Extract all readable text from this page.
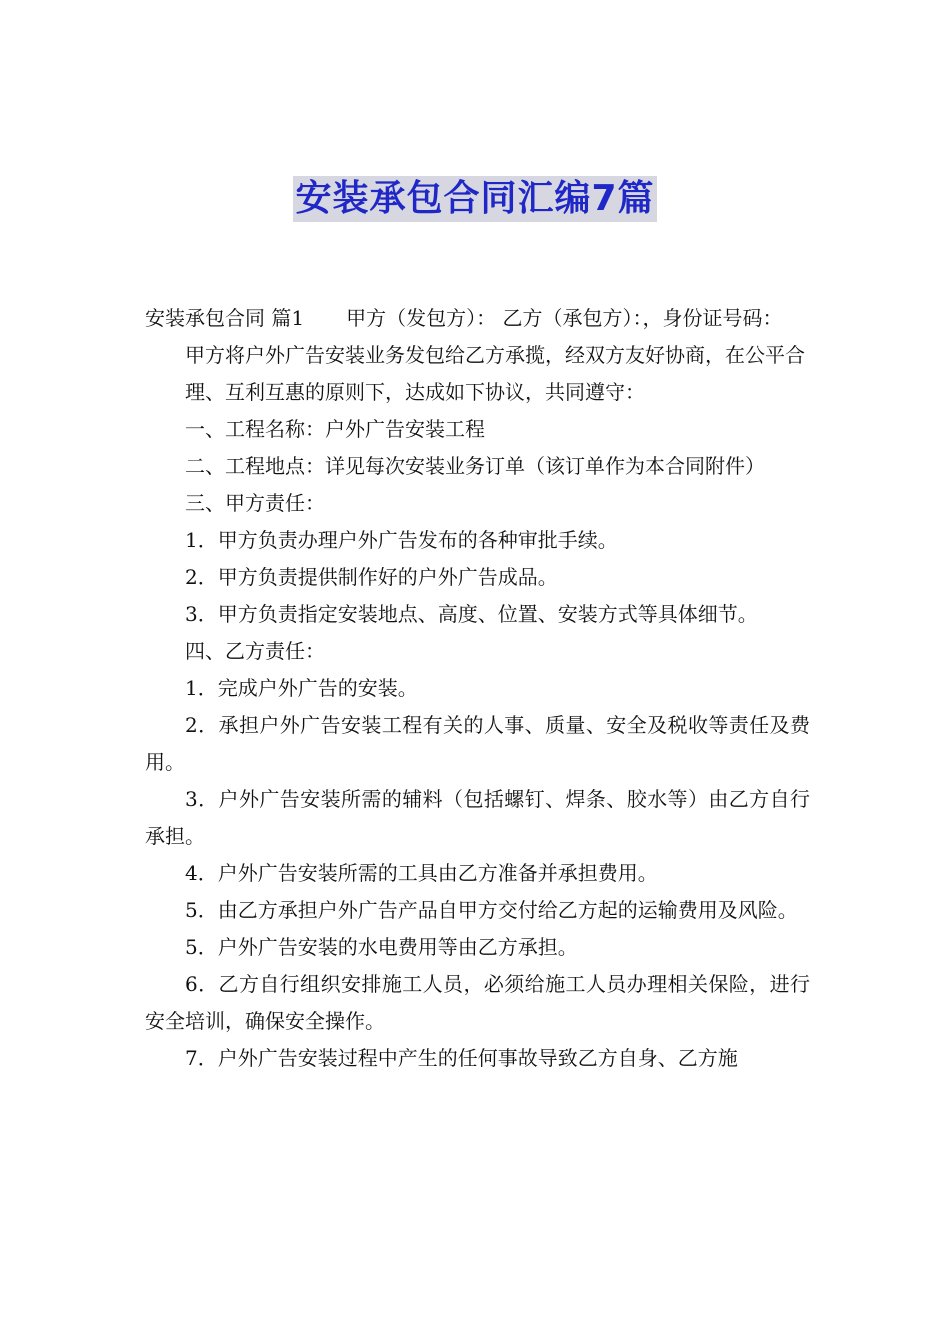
安装承包合同汇编7篇

安装承包合同 篇1 甲方（发包方）： 乙方（承包方）：，身份证号码：

甲方将户外广告安装业务发包给乙方承揽，经双方友好协商，在公平合

理、互利互惠的原则下，达成如下协议，共同遵守：

一、工程名称：户外广告安装工程

二、工程地点：详见每次安装业务订单（该订单作为本合同附件）

三、甲方责任：

1．甲方负责办理户外广告发布的各种审批手续。

2．甲方负责提供制作好的户外广告成品。

3．甲方负责指定安装地点、高度、位置、安装方式等具体细节。

四、乙方责任：

1．完成户外广告的安装。

2．承担户外广告安装工程有关的人事、质量、安全及税收等责任及费用。

3．户外广告安装所需的辅料（包括螺钉、焊条、胶水等）由乙方自行承担。

4．户外广告安装所需的工具由乙方准备并承担费用。

5．由乙方承担户外广告产品自甲方交付给乙方起的运输费用及风险。

5．户外广告安装的水电费用等由乙方承担。

6．乙方自行组织安排施工人员，必须给施工人员办理相关保险，进行安全培训，确保安全操作。

7．户外广告安装过程中产生的任何事故导致乙方自身、乙方施
